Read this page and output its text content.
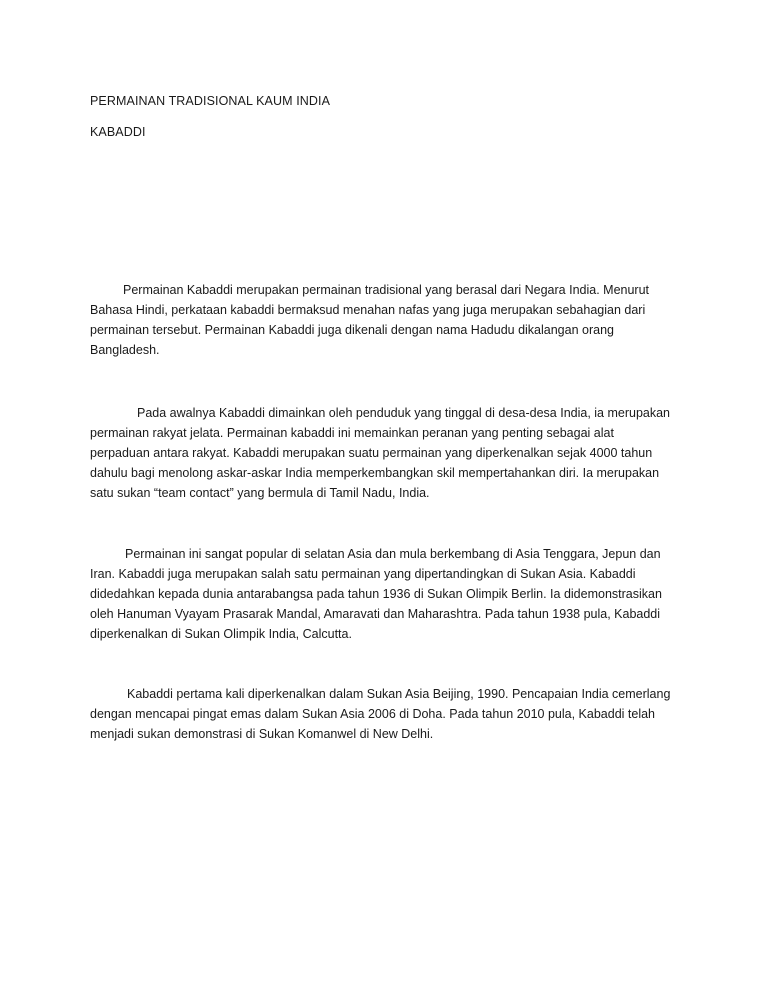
PERMAINAN TRADISIONAL KAUM INDIA
KABADDI

Permainan Kabaddi merupakan permainan tradisional yang berasal dari Negara India. Menurut
Bahasa Hindi, perkataan kabaddi bermaksud menahan nafas yang juga merupakan sebahagian dari
permainan tersebut. Permainan Kabaddi juga dikenali dengan nama Hadudu dikalangan orang
Bangladesh.

Pada awalnya Kabaddi dimainkan oleh penduduk yang tinggal di desa-desa India, ia merupakan
permainan rakyat jelata. Permainan kabaddi ini memainkan peranan yang penting sebagai alat
perpaduan antara rakyat. Kabaddi merupakan suatu permainan yang diperkenalkan sejak 4000 tahun
dahulu bagi menolong askar-askar India memperkembangkan skil mempertahankan diri. Ia merupakan
satu sukan “team contact” yang bermula di Tamil Nadu, India.

Permainan ini sangat popular di selatan Asia dan mula berkembang di Asia Tenggara, Jepun dan
Iran. Kabaddi juga merupakan salah satu permainan yang dipertandingkan di Sukan Asia. Kabaddi
didedahkan kepada dunia antarabangsa pada tahun 1936 di Sukan Olimpik Berlin. Ia didemonstrasikan
oleh Hanuman Vyayam Prasarak Mandal, Amaravati dan Maharashtra. Pada tahun 1938 pula, Kabaddi
diperkenalkan di Sukan Olimpik India, Calcutta.

Kabaddi pertama kali diperkenalkan dalam Sukan Asia Beijing, 1990. Pencapaian India cemerlang
dengan mencapai pingat emas dalam Sukan Asia 2006 di Doha. Pada tahun 2010 pula, Kabaddi telah
menjadi sukan demonstrasi di Sukan Komanwel di New Delhi.
